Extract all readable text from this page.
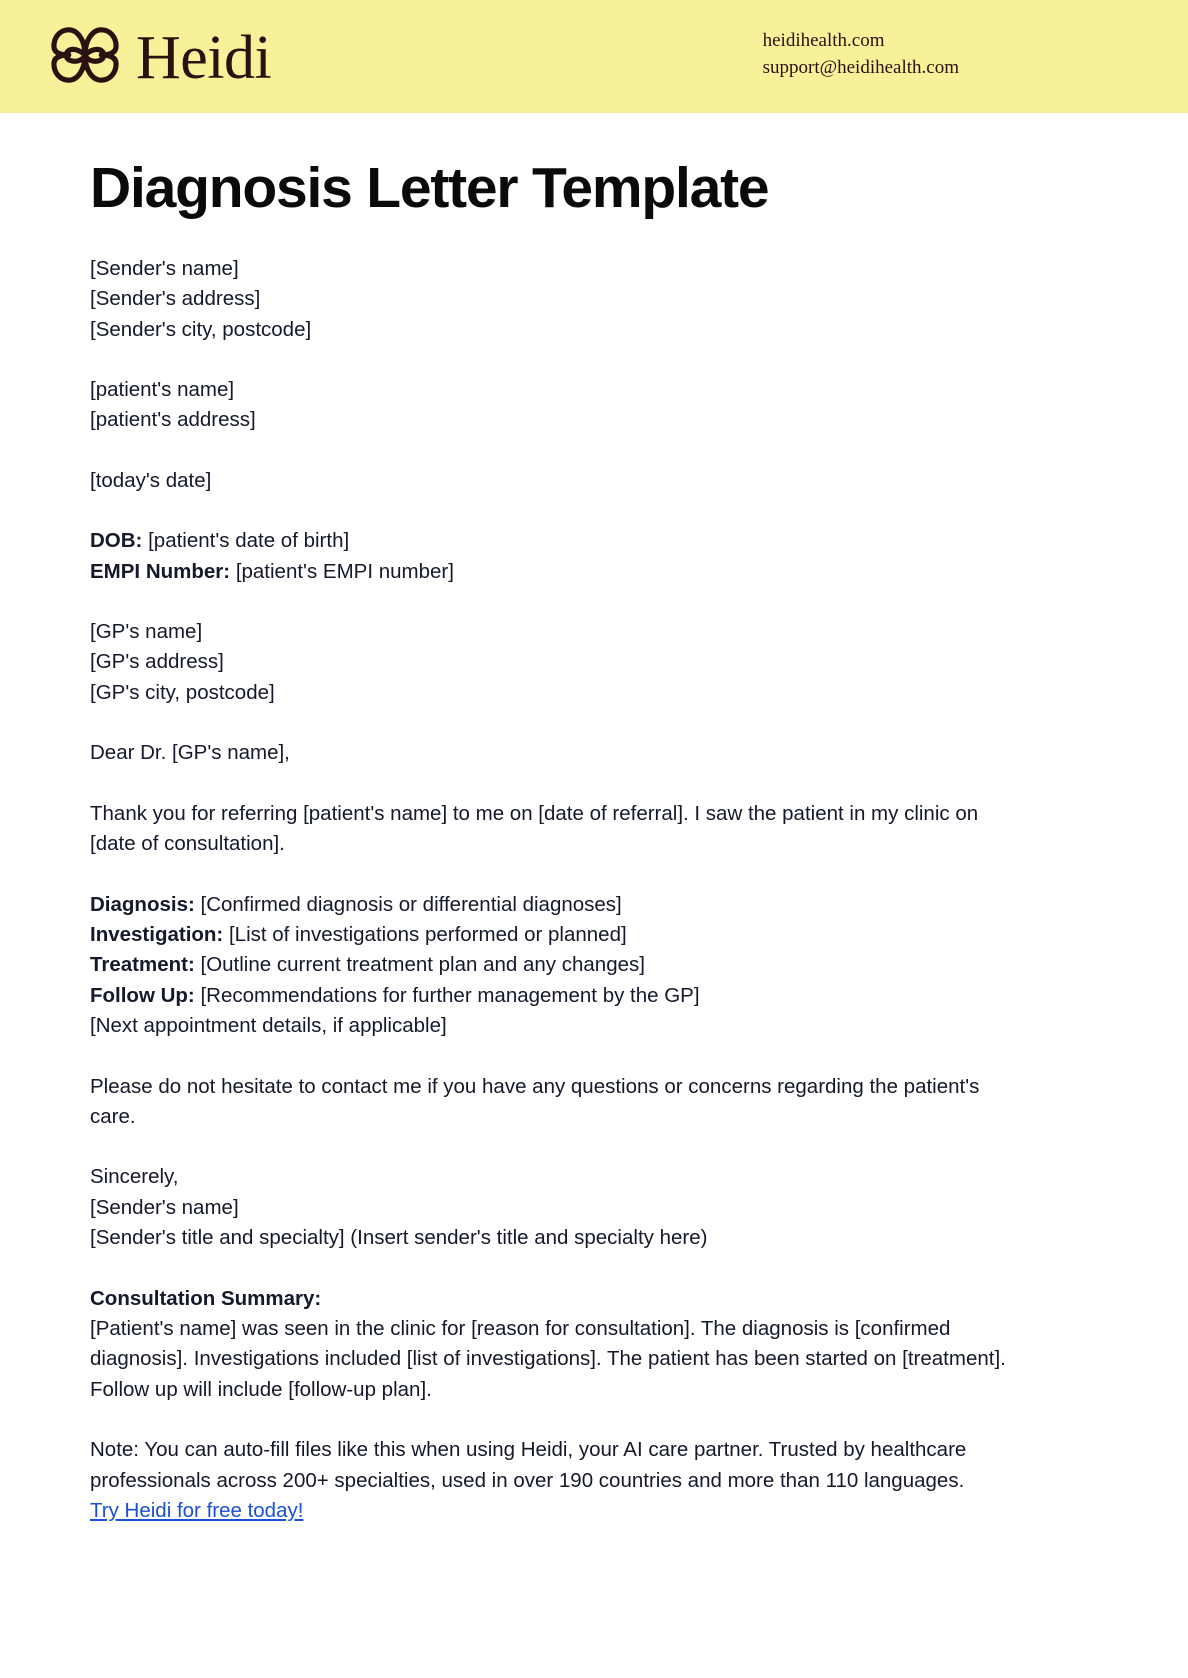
Heidi	heidihealth.com
support@heidihealth.com
Diagnosis Letter Template

[Sender's name]
[Sender's address]
[Sender's city, postcode]

[patient's name]
[patient's address]

[today's date]

DOB: [patient's date of birth]
EMPI Number: [patient's EMPI number]

[GP's name]
[GP's address]
[GP's city, postcode]

Dear Dr. [GP's name],

Thank you for referring [patient's name] to me on [date of referral]. I saw the patient in my clinic on [date of consultation].

Diagnosis: [Confirmed diagnosis or differential diagnoses]
Investigation: [List of investigations performed or planned]
Treatment: [Outline current treatment plan and any changes]
Follow Up: [Recommendations for further management by the GP]
[Next appointment details, if applicable]

Please do not hesitate to contact me if you have any questions or concerns regarding the patient's care.

Sincerely,
[Sender's name]
[Sender's title and specialty] (Insert sender's title and specialty here)

Consultation Summary:
[Patient's name] was seen in the clinic for [reason for consultation]. The diagnosis is [confirmed diagnosis]. Investigations included [list of investigations]. The patient has been started on [treatment]. Follow up will include [follow-up plan].

Note: You can auto-fill files like this when using Heidi, your AI care partner. Trusted by healthcare professionals across 200+ specialties, used in over 190 countries and more than 110 languages.
Try Heidi for free today!
